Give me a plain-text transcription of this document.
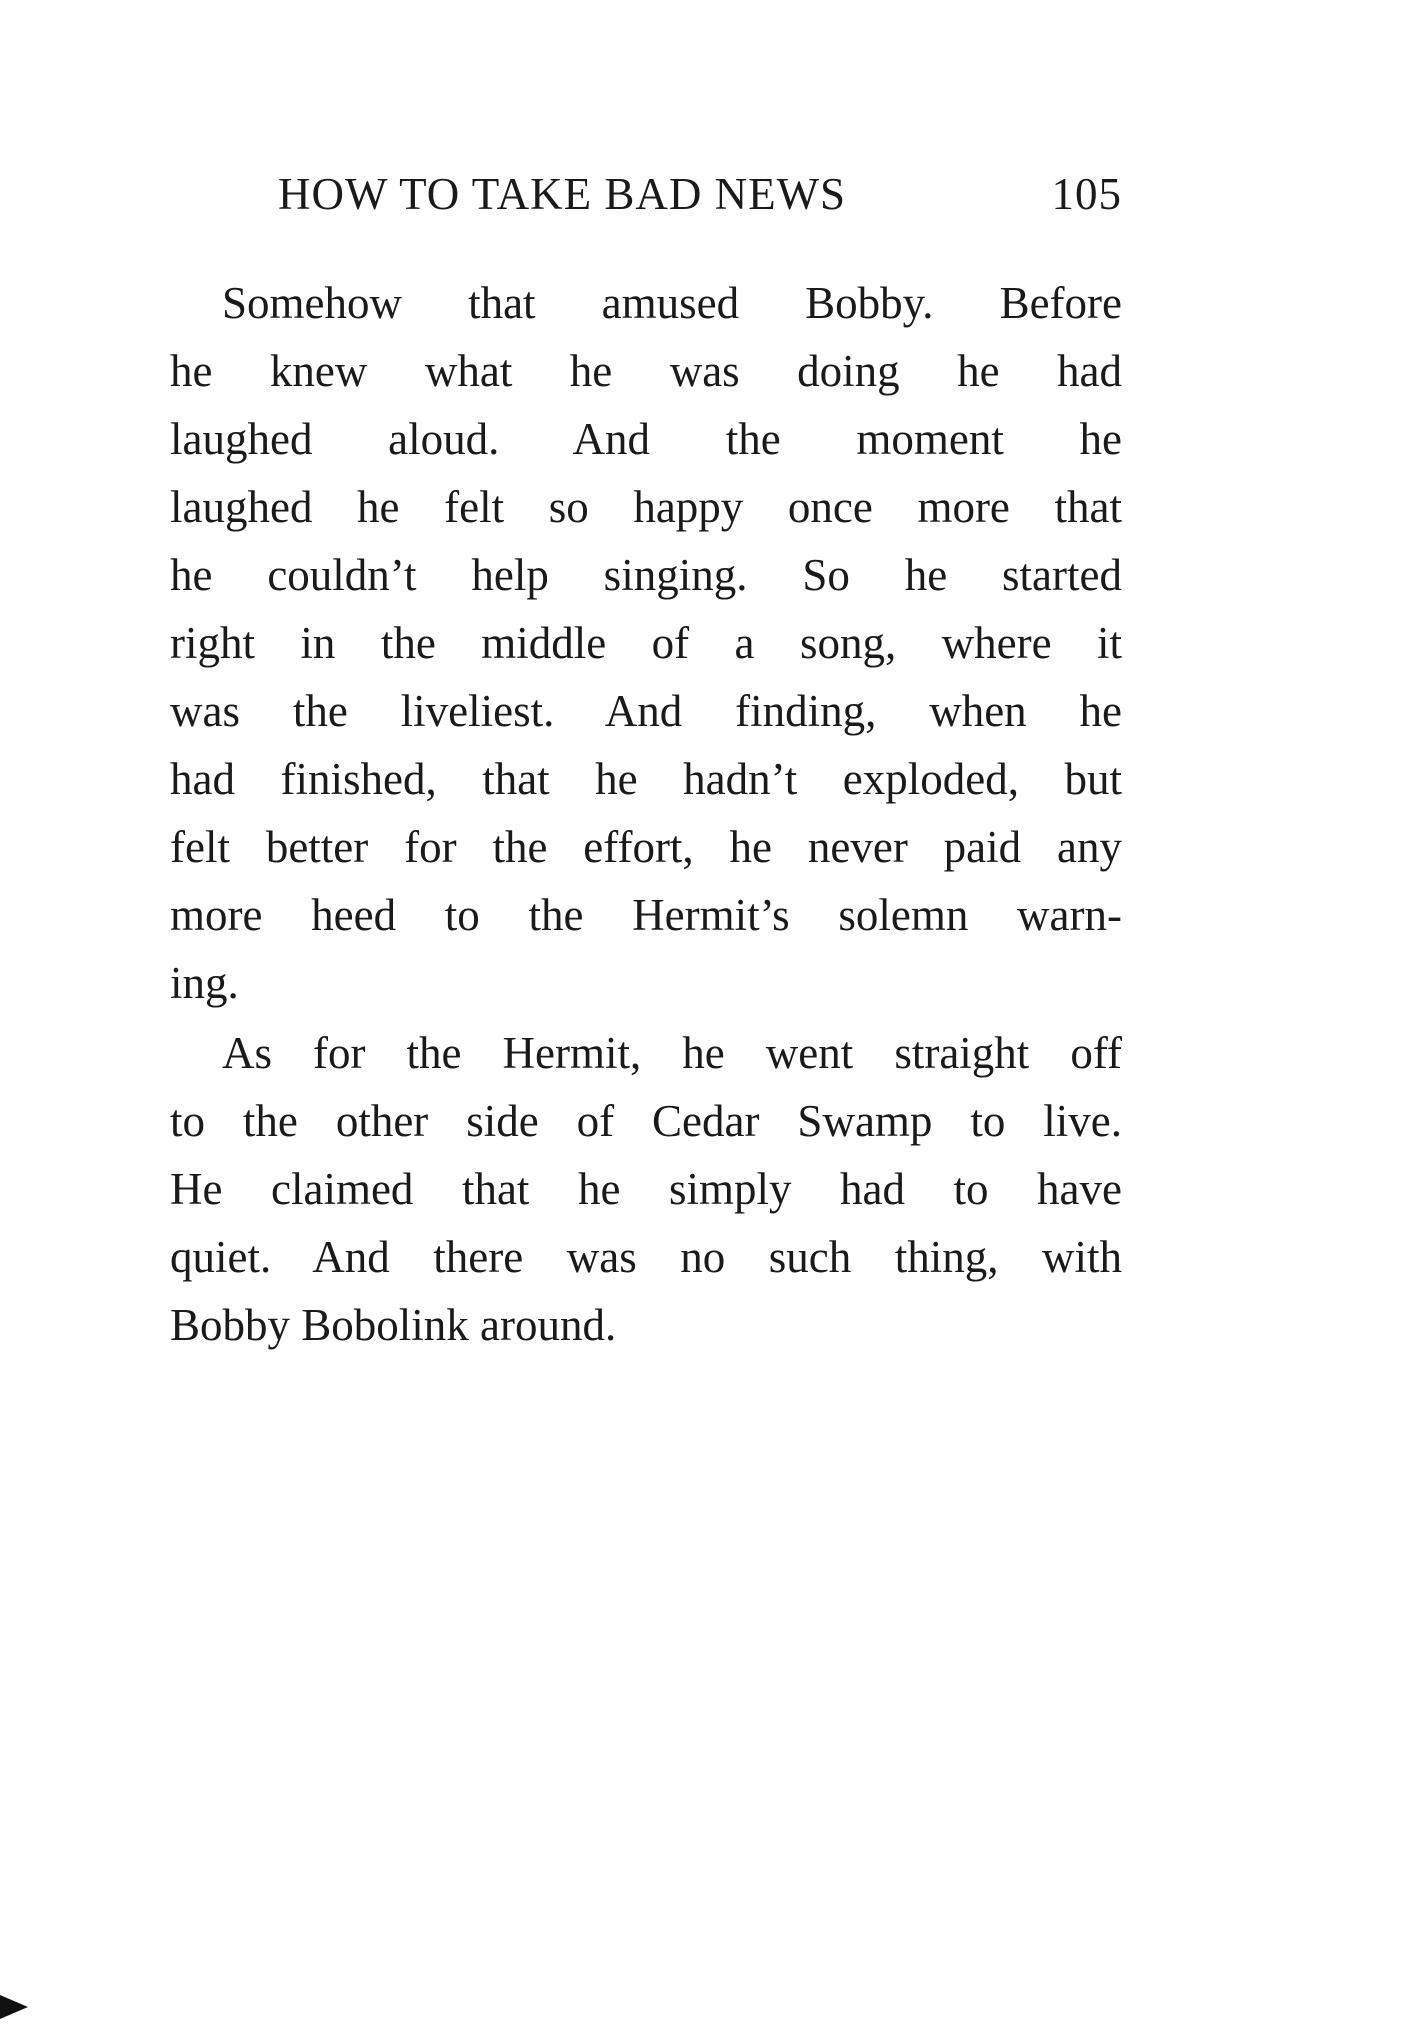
HOW TO TAKE BAD NEWS	105
Somehow that amused Bobby. Before
he knew what he was doing he had
laughed aloud. And the moment he
laughed he felt so happy once more that
he couldn’t help singing. So he started
right in the middle of a song, where it
was the liveliest. And finding, when he
had finished, that he hadn’t exploded, but
felt better for the effort, he never paid any
more heed to the Hermit’s solemn warn-
ing.
As for the Hermit, he went straight off
to the other side of Cedar Swamp to live.
He claimed that he simply had to have
quiet. And there was no such thing, with
Bobby Bobolink around.
